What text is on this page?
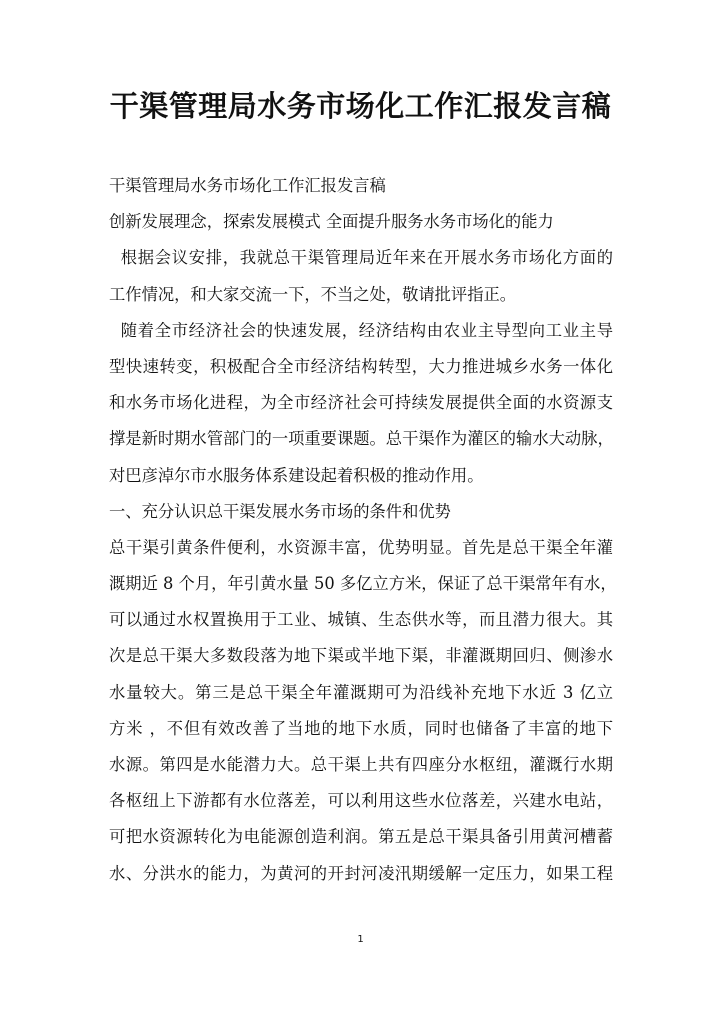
干渠管理局水务市场化工作汇报发言稿
干渠管理局水务市场化工作汇报发言稿
创新发展理念，探索发展模式 全面提升服务水务市场化的能力
根据会议安排，我就总干渠管理局近年来在开展水务市场化方面的
工作情况，和大家交流一下，不当之处，敬请批评指正。
随着全市经济社会的快速发展，经济结构由农业主导型向工业主导
型快速转变，积极配合全市经济结构转型，大力推进城乡水务一体化
和水务市场化进程，为全市经济社会可持续发展提供全面的水资源支
撑是新时期水管部门的一项重要课题。总干渠作为灌区的输水大动脉，
对巴彦淖尔市水服务体系建设起着积极的推动作用。
一、充分认识总干渠发展水务市场的条件和优势
总干渠引黄条件便利，水资源丰富，优势明显。首先是总干渠全年灌
溉期近 8 个月，年引黄水量 50 多亿立方米，保证了总干渠常年有水，
可以通过水权置换用于工业、城镇、生态供水等，而且潜力很大。其
次是总干渠大多数段落为地下渠或半地下渠，非灌溉期回归、侧渗水
水量较大。第三是总干渠全年灌溉期可为沿线补充地下水近 3 亿立
方米 ，不但有效改善了当地的地下水质，同时也储备了丰富的地下
水源。第四是水能潜力大。总干渠上共有四座分水枢纽，灌溉行水期
各枢纽上下游都有水位落差，可以利用这些水位落差，兴建水电站，
可把水资源转化为电能源创造利润。第五是总干渠具备引用黄河槽蓄
水、分洪水的能力，为黄河的开封河凌汛期缓解一定压力，如果工程
1
